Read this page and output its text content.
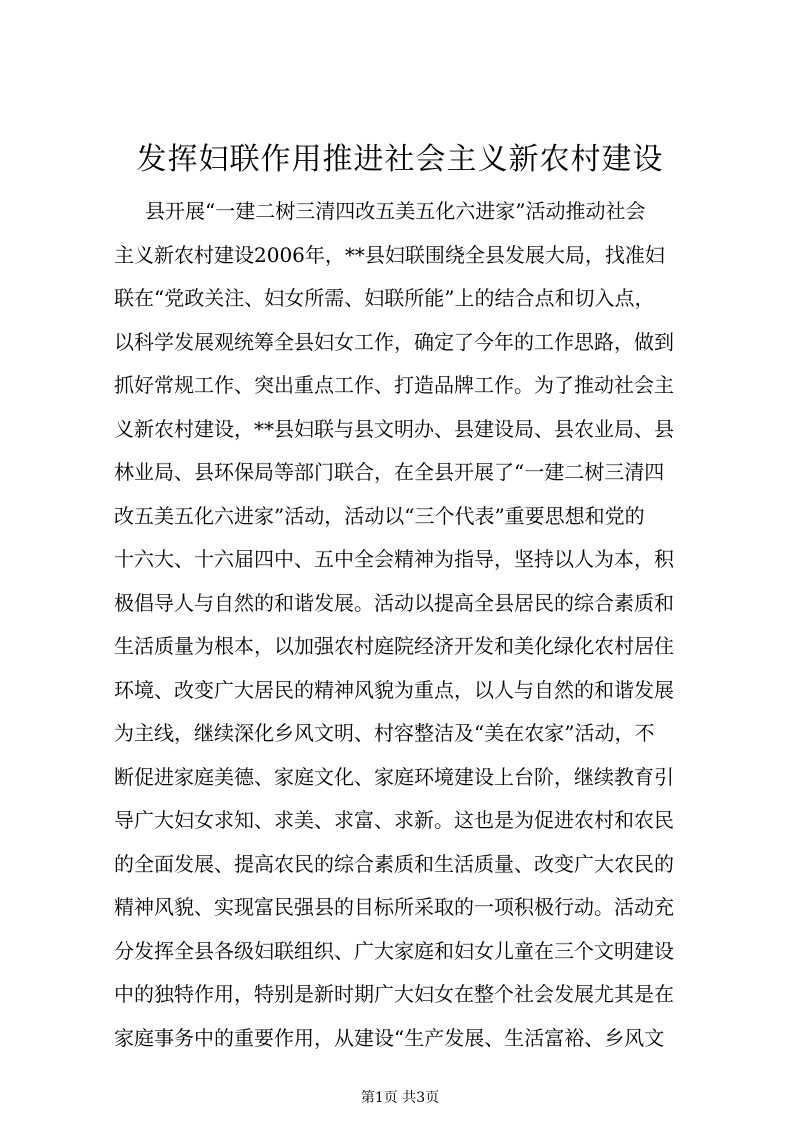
发挥妇联作用推进社会主义新农村建设
县开展“一建二树三清四改五美五化六进家”活动推动社会
主义新农村建设2006年，**县妇联围绕全县发展大局，找准妇
联在“党政关注、妇女所需、妇联所能”上的结合点和切入点，
以科学发展观统筹全县妇女工作，确定了今年的工作思路，做到
抓好常规工作、突出重点工作、打造品牌工作。为了推动社会主
义新农村建设，**县妇联与县文明办、县建设局、县农业局、县
林业局、县环保局等部门联合，在全县开展了“一建二树三清四
改五美五化六进家”活动，活动以“三个代表”重要思想和党的
十六大、十六届四中、五中全会精神为指导，坚持以人为本，积
极倡导人与自然的和谐发展。活动以提高全县居民的综合素质和
生活质量为根本，以加强农村庭院经济开发和美化绿化农村居住
环境、改变广大居民的精神风貌为重点，以人与自然的和谐发展
为主线，继续深化乡风文明、村容整洁及“美在农家”活动，不
断促进家庭美德、家庭文化、家庭环境建设上台阶，继续教育引
导广大妇女求知、求美、求富、求新。这也是为促进农村和农民
的全面发展、提高农民的综合素质和生活质量、改变广大农民的
精神风貌、实现富民强县的目标所采取的一项积极行动。活动充
分发挥全县各级妇联组织、广大家庭和妇女儿童在三个文明建设
中的独特作用，特别是新时期广大妇女在整个社会发展尤其是在
家庭事务中的重要作用，从建设“生产发展、生活富裕、乡风文
第1页 共3页
